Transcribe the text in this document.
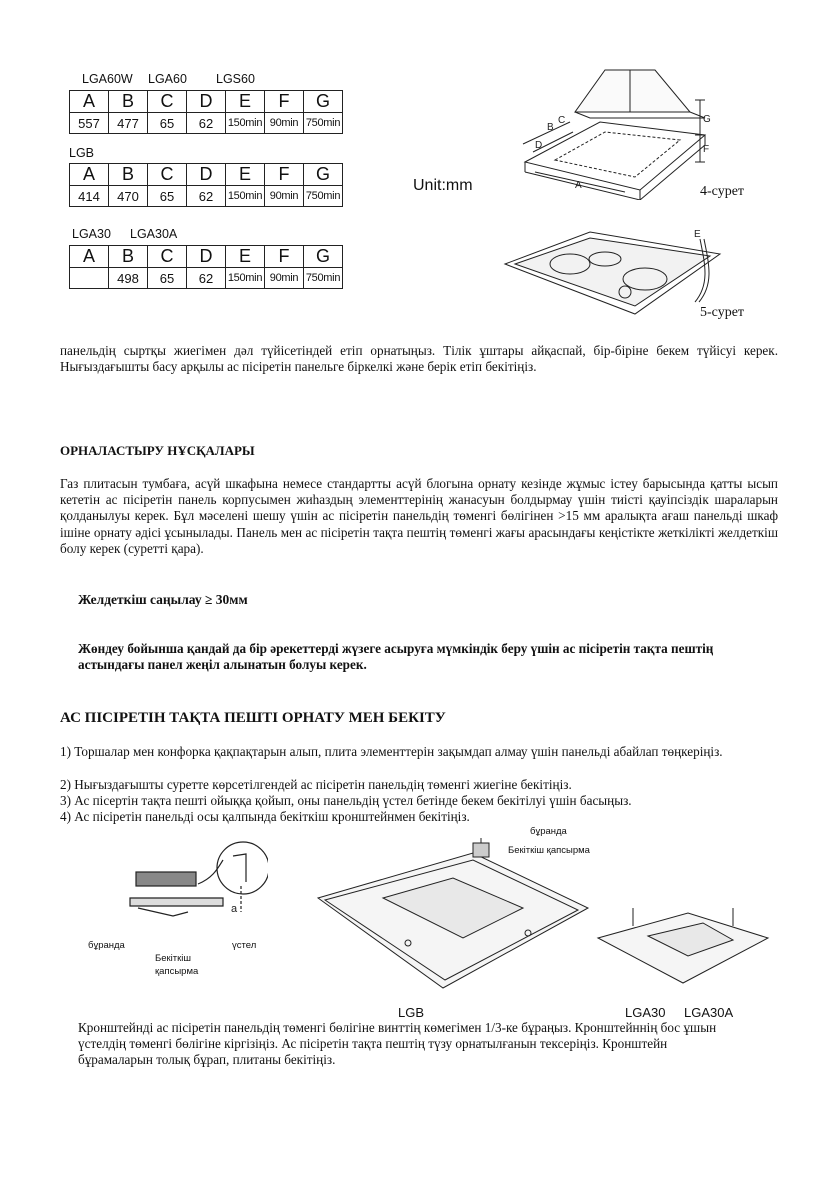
LGA60W LGA60 LGS60
A	B	C	D	E	F	G
557	477	65	62	150min	90min	750min
LGB
A	B	C	D	E	F	G
414	470	65	62	150min	90min	750min
LGA30 LGA30A
A	B	C	D	E	F	G
	498	65	62	150min	90min	750min
Unit:mm	A
B
C
D
G
F
4-сурет
E
5-сурет
панельдің сыртқы жиегімен дәл түйісетіндей етіп орнатыңыз. Тілік ұштары айқаспай, бір-біріне бекем түйісуі керек. Нығыздағышты басу арқылы ас пісіретін панельге біркелкі және берік етіп бекітіңіз.
ОРНАЛАСТЫРУ НҰСҚАЛАРЫ
Газ плитасын тумбаға, асүй шкафына немесе стандартты асүй блогына орнату кезінде жұмыс істеу барысында қатты ысып кететін ас пісіретін панель корпусымен жиһаздың элементтерінің жанасуын болдырмау үшін тиісті қауіпсіздік шараларын қолданылуы керек. Бұл мәселені шешу үшін ас пісіретін панельдің төменгі бөлігінен >15 мм аралықта ағаш панельді шкаф ішіне орнату әдісі ұсынылады. Панель мен ас пісіретін тақта пештің төменгі жағы арасындағы кеңістікте жеткілікті желдеткіш болу керек (суретті қара).
Желдеткіш саңылау ≥ 30мм
Жөндеу бойынша қандай да бір әрекеттерді жүзеге асыруға мүмкіндік беру үшін ас пісіретін тақта пештің астындағы панел жеңіл алынатын болуы керек.
АС ПІСІРЕТІН ТАҚТА ПЕШТІ ОРНАТУ МЕН БЕКІТУ
1) Торшалар мен конфорка қақпақтарын алып, плита элементтерін зақымдап алмау үшін панельді абайлап төңкеріңіз.
2) Нығыздағышты суретте көрсетілгендей ас пісіретін панельдің төменгі жиегіне бекітіңіз.
3) Ас пісертін тақта пешті ойыққа қойып, оны панельдің үстел бетінде бекем бекітілуі үшін басыңыз.
4) Ас пісіретін панельді осы қалпында бекіткіш кронштейнмен бекітіңіз.
a
бұранда
Бекіткіш
қапсырма
үстел
бұранда
Бекіткіш қапсырма
LGB	LGA30 LGA30A
Кронштейнді ас пісіретін панельдің төменгі бөлігіне винттің көмегімен 1/3-ке бұраңыз. Кронштейннің бос ұшын үстелдің төменгі бөлігіне кіргізіңіз. Ас пісіретін тақта пештің түзу орнатылғанын тексеріңіз. Кронштейн бұрамаларын толық бұрап, плитаны бекітіңіз.
